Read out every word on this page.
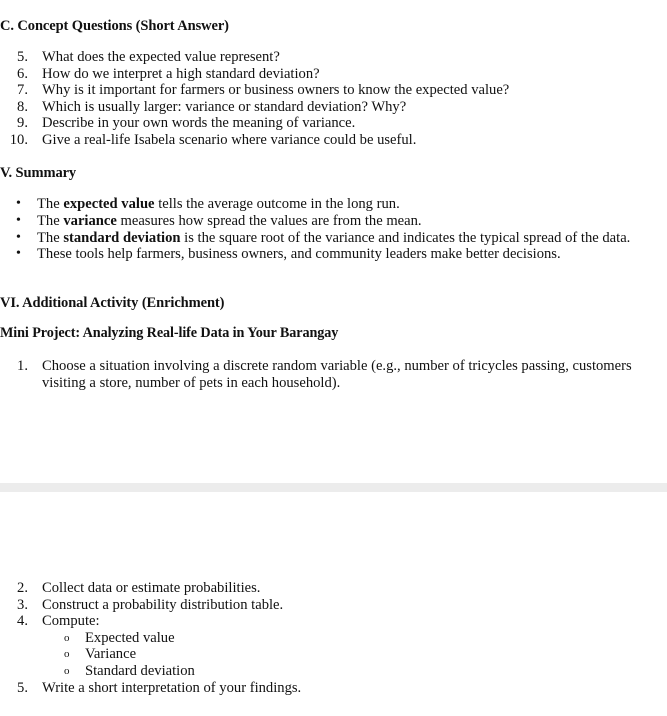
C. Concept Questions (Short Answer)
5. What does the expected value represent?
6. How do we interpret a high standard deviation?
7. Why is it important for farmers or business owners to know the expected value?
8. Which is usually larger: variance or standard deviation? Why?
9. Describe in your own words the meaning of variance.
10. Give a real-life Isabela scenario where variance could be useful.
V. Summary
• The expected value tells the average outcome in the long run.
• The variance measures how spread the values are from the mean.
• The standard deviation is the square root of the variance and indicates the typical spread of the data.
• These tools help farmers, business owners, and community leaders make better decisions.
VI. Additional Activity (Enrichment)
Mini Project: Analyzing Real-life Data in Your Barangay
1. Choose a situation involving a discrete random variable (e.g., number of tricycles passing, customers visiting a store, number of pets in each household).
2. Collect data or estimate probabilities.
3. Construct a probability distribution table.
4. Compute:
o Expected value
o Variance
o Standard deviation
5. Write a short interpretation of your findings.
